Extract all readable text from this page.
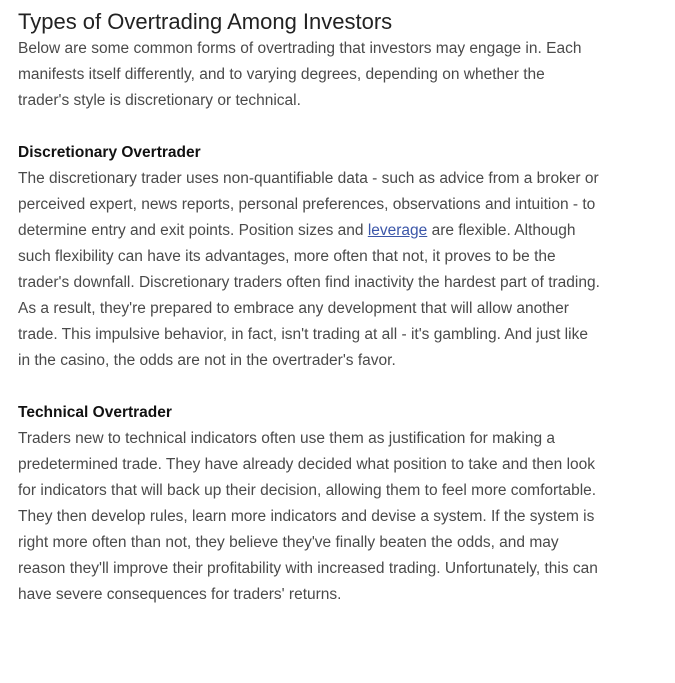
Types of Overtrading Among Investors

Below are some common forms of overtrading that investors may engage in. Each manifests itself differently, and to varying degrees, depending on whether the trader's style is discretionary or technical.

Discretionary Overtrader

The discretionary trader uses non-quantifiable data - such as advice from a broker or perceived expert, news reports, personal preferences, observations and intuition - to determine entry and exit points. Position sizes and leverage are flexible. Although such flexibility can have its advantages, more often that not, it proves to be the trader's downfall. Discretionary traders often find inactivity the hardest part of trading. As a result, they're prepared to embrace any development that will allow another trade. This impulsive behavior, in fact, isn't trading at all - it's gambling. And just like in the casino, the odds are not in the overtrader's favor.

Technical Overtrader

Traders new to technical indicators often use them as justification for making a predetermined trade. They have already decided what position to take and then look for indicators that will back up their decision, allowing them to feel more comfortable. They then develop rules, learn more indicators and devise a system. If the system is right more often than not, they believe they've finally beaten the odds, and may reason they'll improve their profitability with increased trading. Unfortunately, this can have severe consequences for traders' returns.
